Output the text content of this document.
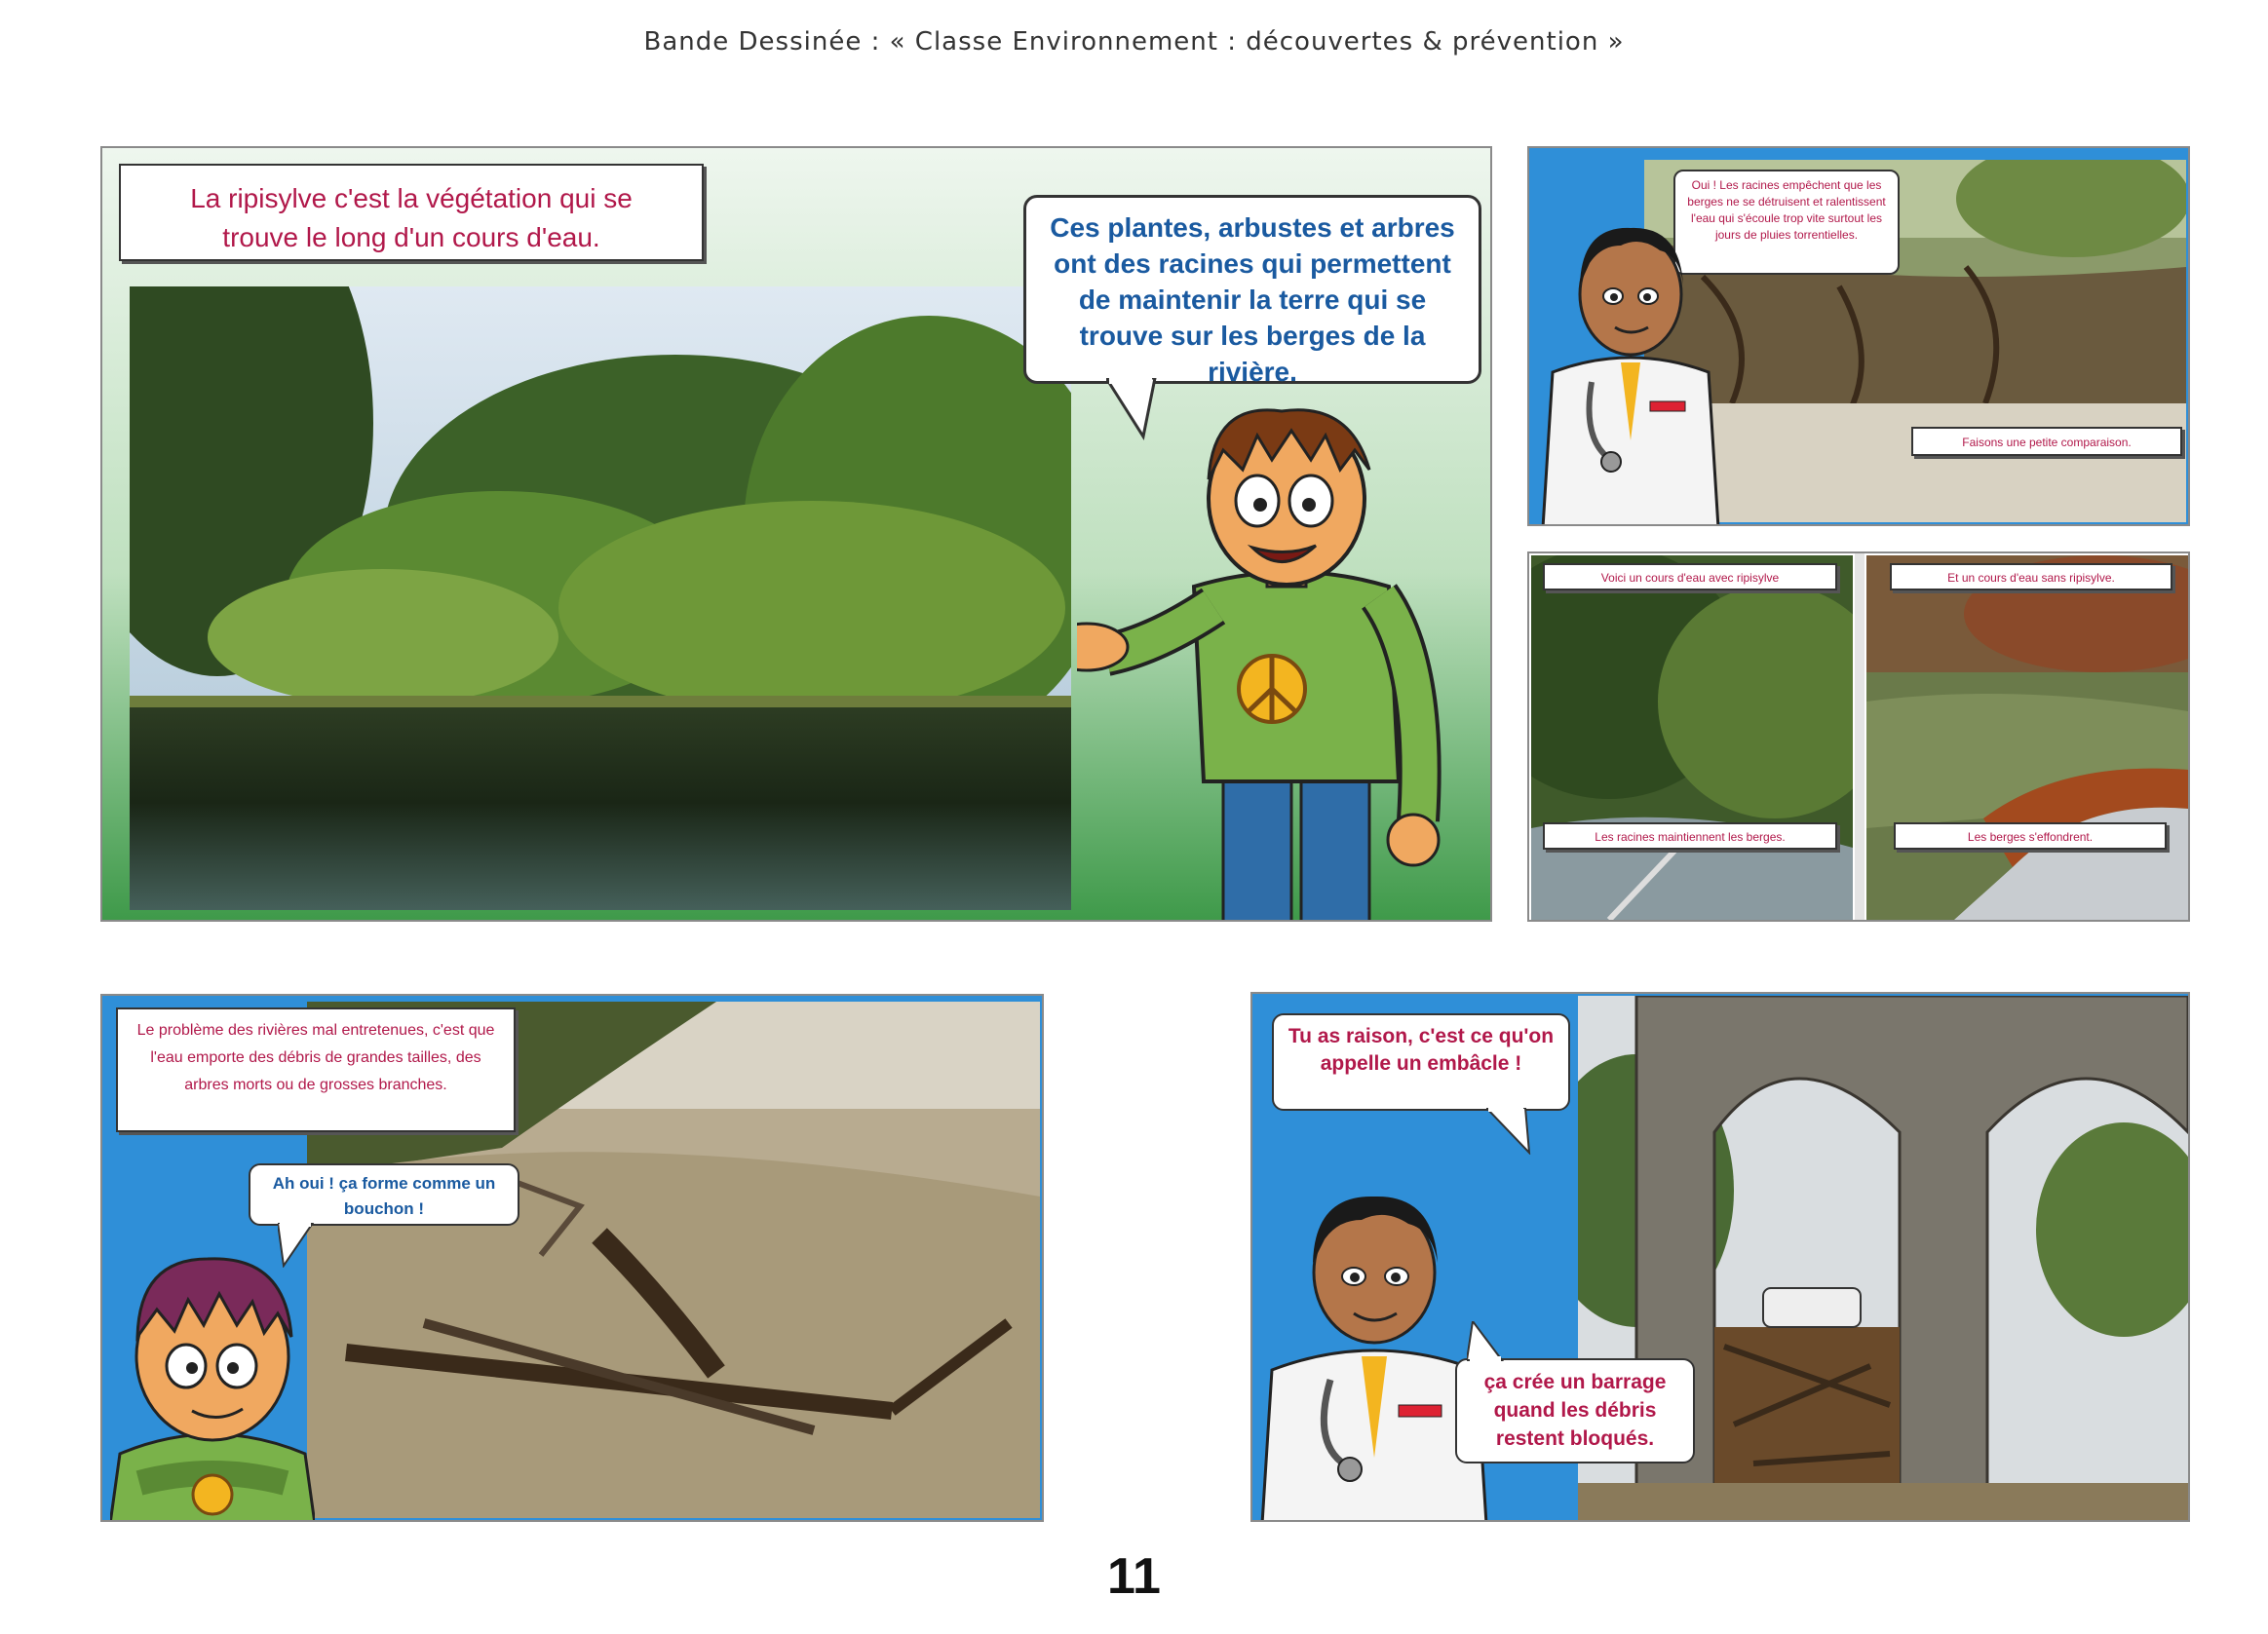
Bande Dessinée : « Classe Environnement : découvertes & prévention »
La ripisylve c'est la végétation qui se trouve le long d'un cours d'eau.	Ces plantes, arbustes et arbres ont des racines qui permettent de maintenir la terre qui se trouve sur les berges de la rivière.
Oui ! Les racines empêchent que les berges ne se détruisent et ralentissent l'eau qui s'écoule trop vite surtout les jours de pluies torrentielles.
Faisons une petite comparaison.
Voici un cours d'eau avec ripisylve
Les racines maintiennent les berges.
Et un cours d'eau sans ripisylve.
Les berges s'effondrent.
Le problème des rivières mal entretenues, c'est que l'eau emporte des débris de grandes tailles, des arbres morts ou de grosses branches.
Ah oui ! ça forme comme un bouchon !
Tu as raison, c'est ce qu'on appelle un embâcle !
ça crée un barrage quand les débris restent bloqués.
11
